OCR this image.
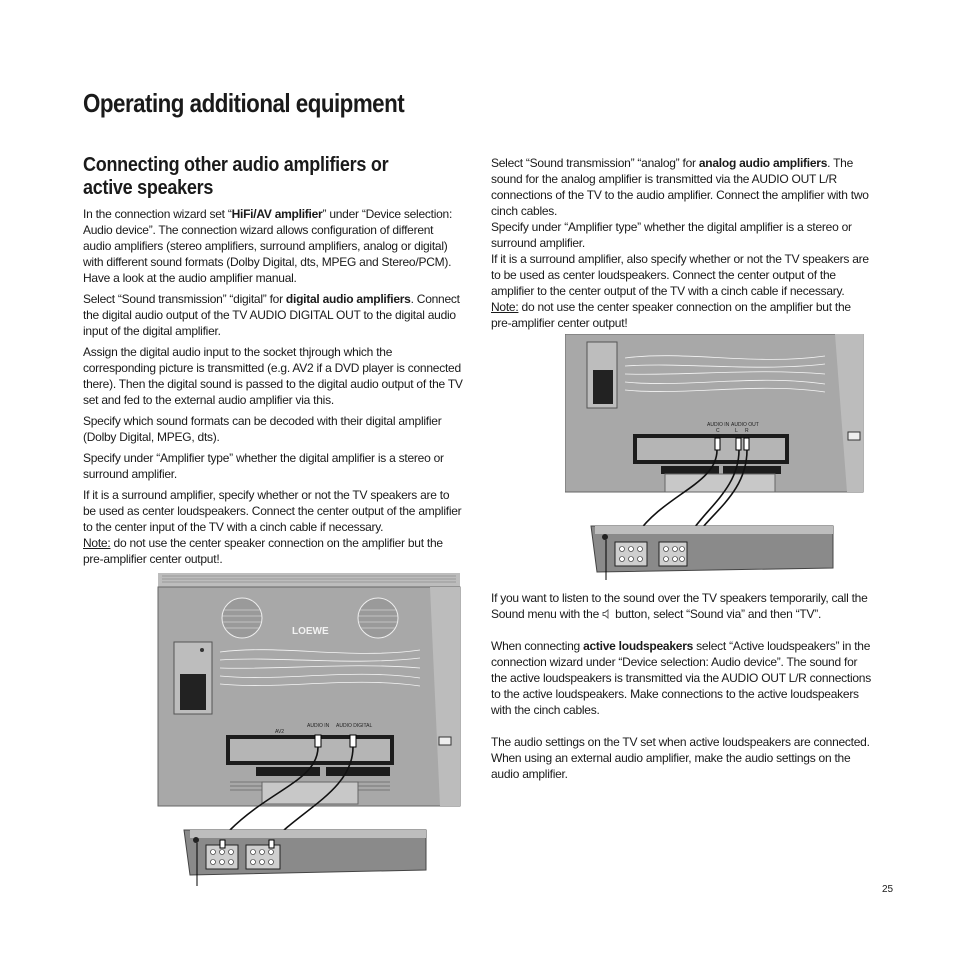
Operating additional equipment
Connecting other audio amplifiers or
active speakers

In the connection wizard set “HiFi/AV amplifier” under “Device selection: Audio device”. The connection wizard allows configuration of different audio amplifiers (stereo amplifiers, surround amplifiers, analog or digital) with different sound formats (Dolby Digital, dts, MPEG and Stereo/PCM). Have a look at the audio amplifier manual.

Select “Sound transmission” “digital” for digital audio amplifiers. Connect the digital audio output of the TV AUDIO DIGITAL OUT to the digital audio input of the digital amplifier.

Assign the digital audio input to the socket thjrough which the corresponding picture is transmitted (e.g. AV2 if a DVD player is connected there). Then the digital sound is passed to the digital audio output of the TV set and fed to the external audio amplifier via this.

Specify which sound formats can be decoded with their digital amplifier (Dolby Digital, MPEG, dts).

Specify under “Amplifier type” whether the digital amplifier is a stereo or surround amplifier.

If it is a surround amplifier, specify whether or not the TV speakers are to be used as center loudspeakers. Connect the center output of the amplifier to the center input of the TV with a cinch cable if necessary.
Note: do not use the center speaker connection on the amplifier but the pre-amplifier center output!.

Select “Sound transmission” “analog” for analog audio amplifiers. The sound for the analog amplifier is transmitted via the AUDIO OUT L/R connections of the TV to the audio amplifier. Connect the amplifier with two cinch cables.

Specify under “Amplifier type” whether the digital amplifier is a stereo or surround amplifier.

If it is a surround amplifier, also specify whether or not the TV speakers are to be used as center loudspeakers. Connect the center output of the amplifier to the center output of the TV with a cinch cable if necessary.

Note: do not use the center speaker connection on the amplifier but the pre-amplifier center output!

If you want to listen to the sound over the TV speakers temporarily, call the Sound menu with the  button, select “Sound via” and then “TV”.

When connecting active loudspeakers select “Active loudspeakers” in the connection wizard under “Device selection: Audio device”. The sound for the active loudspeakers is transmitted via the AUDIO OUT L/R connections to the active loudspeakers. Make connections to the active loudspeakers with the cinch cables.

The audio settings on the TV set when active loudspeakers are connected. When using an external audio amplifier, make the audio settings on the audio amplifier.

25
LOEWE
AV2
AUDIO IN AUDIO DIGITAL
AUDIO IN AUDIO OUT
C	L R
